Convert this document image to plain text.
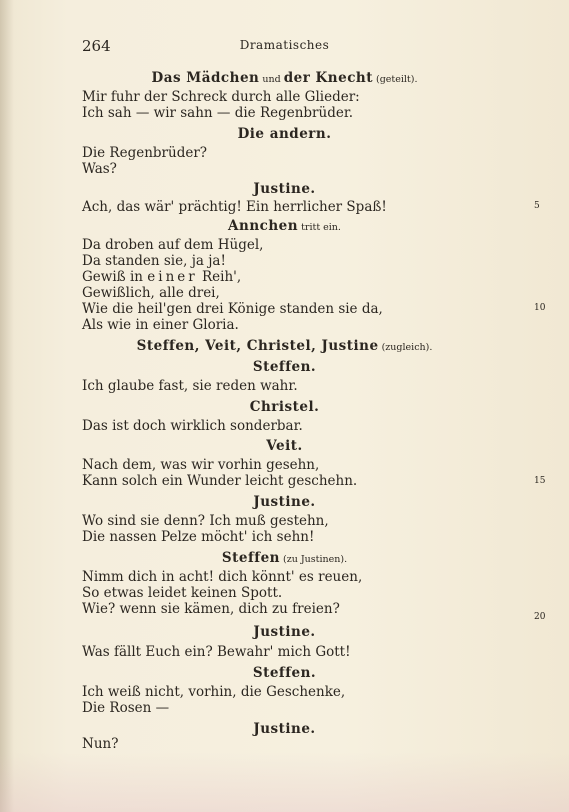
264	Dramatisches
Das Mädchen und der Knecht (geteilt).
Mir fuhr der Schreck durch alle Glieder:
Ich sah — wir sahn — die Regenbrüder.
Die andern.
Die Regenbrüder?
Was?
Justine.
Ach, das wär' prächtig! Ein herrlicher Spaß!	5
Annchen tritt ein.
Da droben auf dem Hügel,
Da standen sie, ja ja!
Gewiß in einer Reih',
Gewißlich, alle drei,
Wie die heil'gen drei Könige standen sie da,	10
Als wie in einer Gloria.
Steffen, Veit, Christel, Justine (zugleich).
Steffen.
Ich glaube fast, sie reden wahr.
Christel.
Das ist doch wirklich sonderbar.
Veit.
Nach dem, was wir vorhin gesehn,
Kann solch ein Wunder leicht geschehn.	15
Justine.
Wo sind sie denn? Ich muß gestehn,
Die nassen Pelze möcht' ich sehn!
Steffen (zu Justinen).
Nimm dich in acht! dich könnt' es reuen,
So etwas leidet keinen Spott.
Wie? wenn sie kämen, dich zu freien?	20
Justine.
Was fällt Euch ein? Bewahr' mich Gott!
Steffen.
Ich weiß nicht, vorhin, die Geschenke,
Die Rosen —
Justine.
Nun?
